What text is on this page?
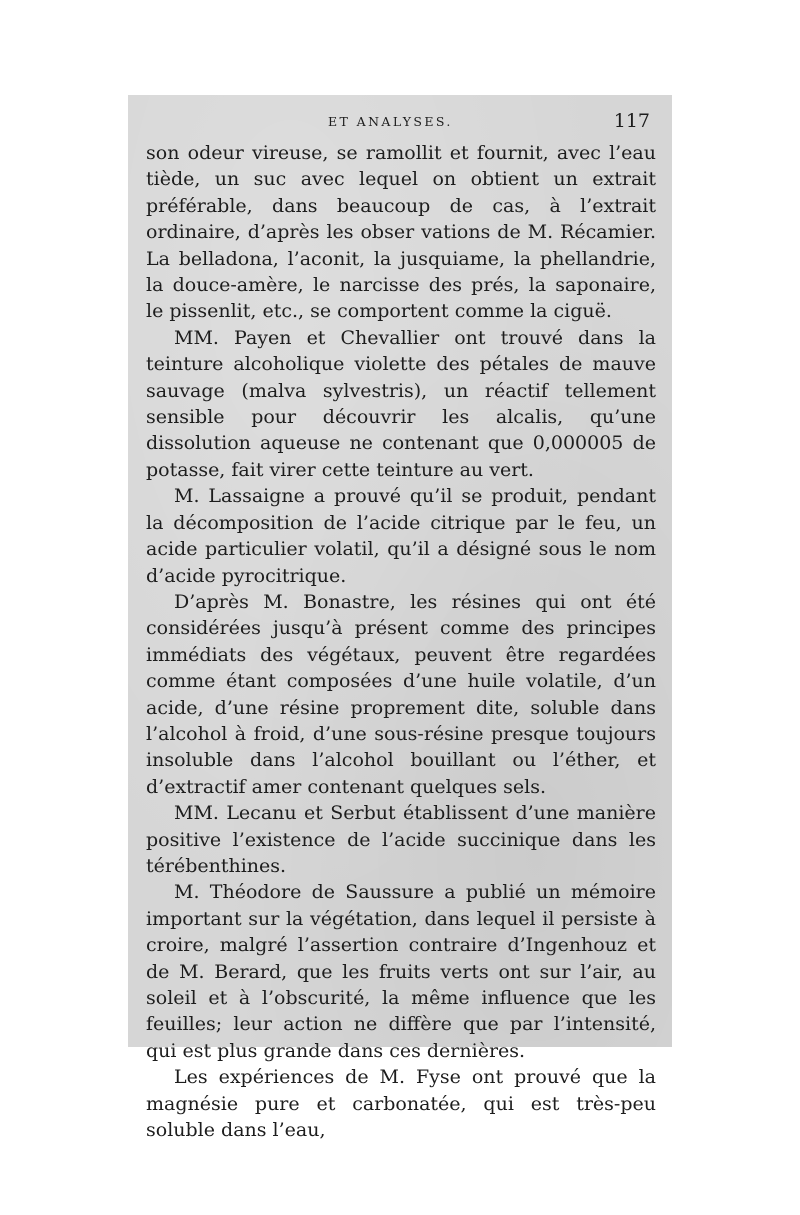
ET ANALYSES.	117

son odeur vireuse, se ramollit et fournit, avec l’eau tiède, un suc avec lequel on obtient un extrait préférable, dans beaucoup de cas, à l’extrait ordinaire, d’après les obser vations de M. Récamier. La belladona, l’aconit, la jusquiame, la phellandrie, la douce-amère, le narcisse des prés, la saponaire, le pissenlit, etc., se comportent comme la ciguë.

MM. Payen et Chevallier ont trouvé dans la teinture alcoholique violette des pétales de mauve sauvage (malva sylvestris), un réactif tellement sensible pour découvrir les alcalis, qu’une dissolution aqueuse ne contenant que 0,000005 de potasse, fait virer cette teinture au vert.

M. Lassaigne a prouvé qu’il se produit, pendant la décomposition de l’acide citrique par le feu, un acide particulier volatil, qu’il a désigné sous le nom d’acide pyrocitrique.

D’après M. Bonastre, les résines qui ont été considérées jusqu’à présent comme des principes immédiats des végétaux, peuvent être regardées comme étant composées d’une huile volatile, d’un acide, d’une résine proprement dite, soluble dans l’alcohol à froid, d’une sous-résine presque toujours insoluble dans l’alcohol bouillant ou l’éther, et d’extractif amer contenant quelques sels.

MM. Lecanu et Serbut établissent d’une manière positive l’existence de l’acide succinique dans les térébenthines.

M. Théodore de Saussure a publié un mémoire important sur la végétation, dans lequel il persiste à croire, malgré l’assertion contraire d’Ingenhouz et de M. Berard, que les fruits verts ont sur l’air, au soleil et à l’obscurité, la même influence que les feuilles; leur action ne diffère que par l’intensité, qui est plus grande dans ces dernières.

Les expériences de M. Fyse ont prouvé que la magnésie pure et carbonatée, qui est très-peu soluble dans l’eau,
